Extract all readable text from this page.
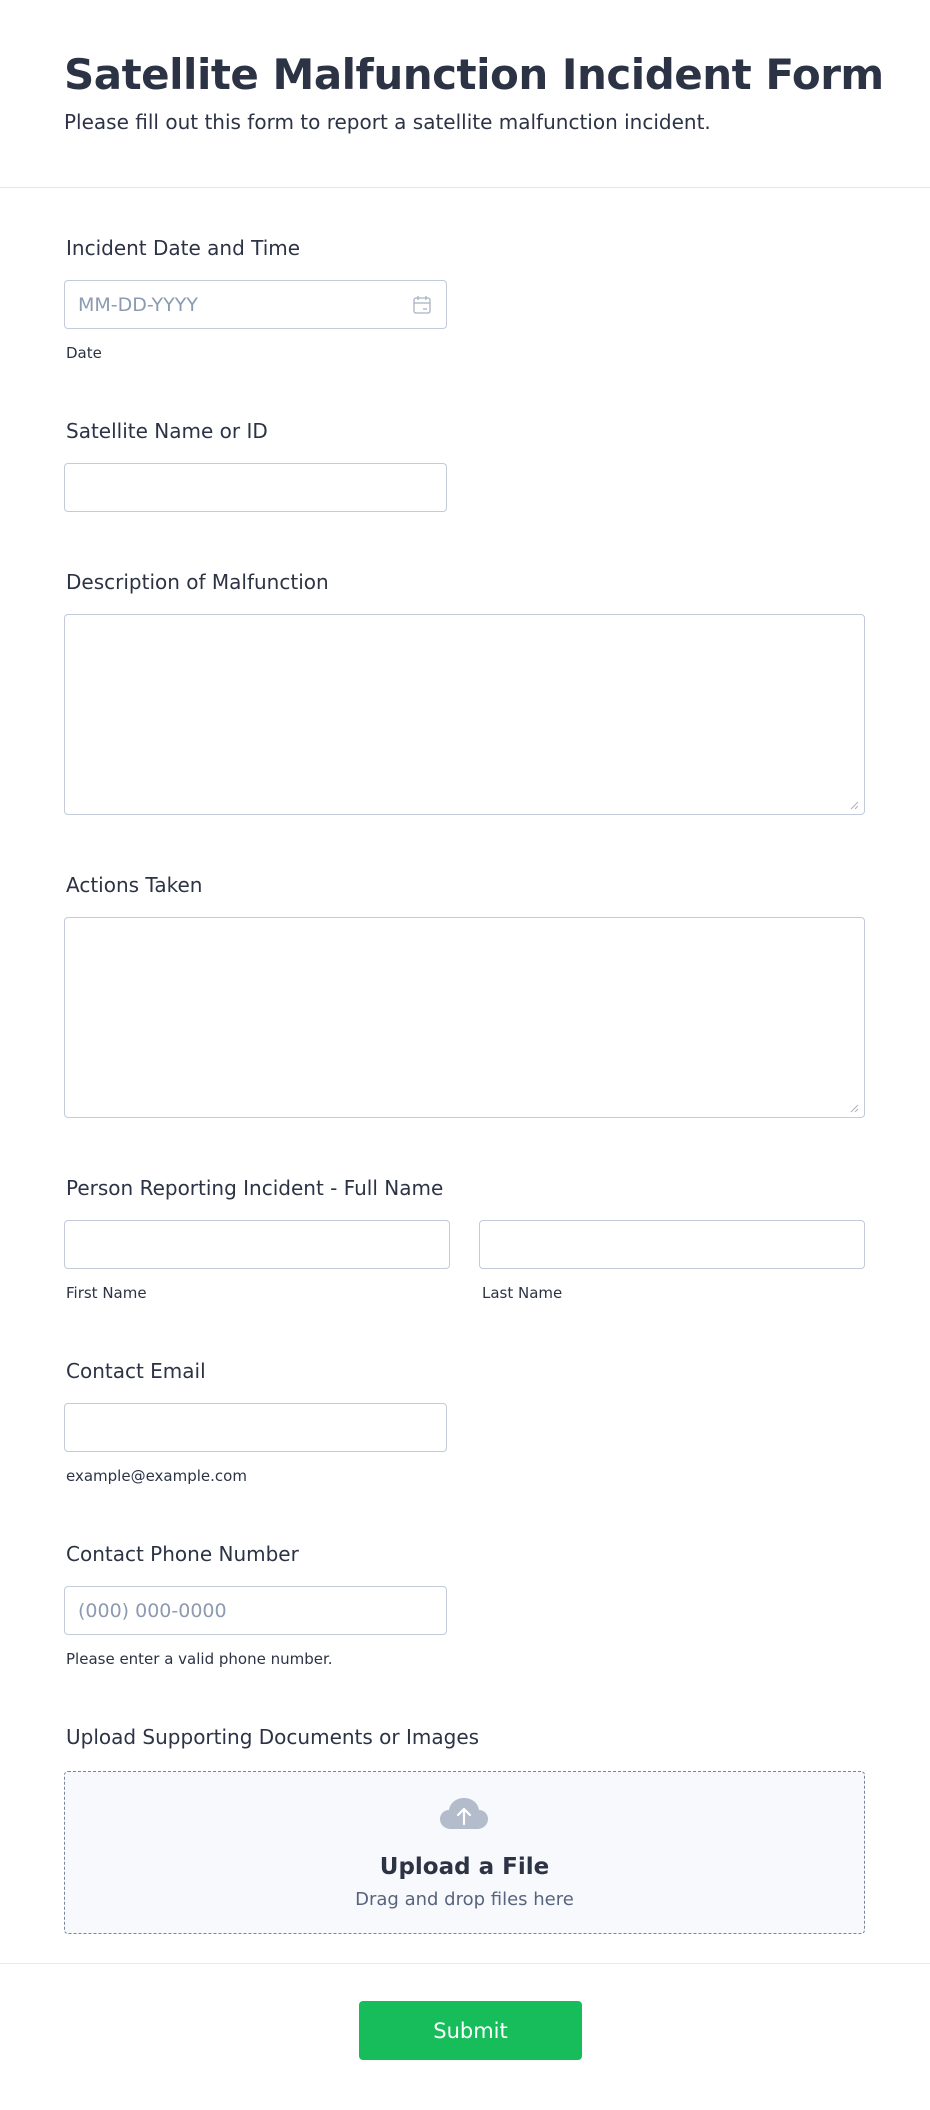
Satellite Malfunction Incident Form
Please fill out this form to report a satellite malfunction incident.
Incident Date and Time
MM-DD-YYYY
Date
Satellite Name or ID
Description of Malfunction
Actions Taken
Person Reporting Incident - Full Name
First Name	Last Name
Contact Email
example@example.com
Contact Phone Number
(000) 000-0000
Please enter a valid phone number.
Upload Supporting Documents or Images
Upload a File
Drag and drop files here
Submit
